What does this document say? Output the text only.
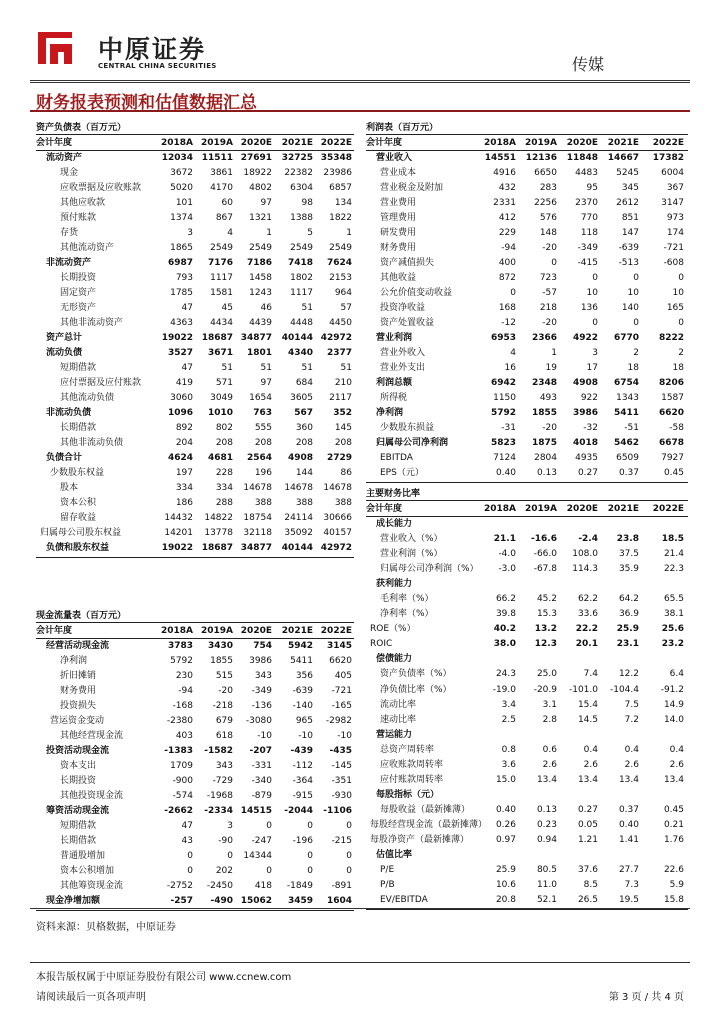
中原证券
CENTRAL CHINA SECURITIES	传媒
财务报表预测和估值数据汇总
资产负债表（百万元）
会计年度	2018A 2019A 2020E	2021E 2022E
流动资产	12034 11511 27691	32725 35348
现金	3672	3861	18922	22382	23986
应收票据及应收账款	5020	4170	4802	6304	6857
其他应收款	101	60	97	98	134
预付账款	1374	867	1321	1388	1822
存货	3	4	1	5	1
其他流动资产	1865	2549	2549	2549	2549
非流动资产	6987	7176	7186	7418	7624
长期投资	793	1117	1458	1802	2153
固定资产	1785	1581	1243	1117	964
无形资产	47	45	46	51	57
其他非流动资产	4363	4434	4439	4448	4450
资产总计	19022 18687 34877	40144 42972
流动负债	3527	3671	1801	4340	2377
短期借款	47	51	51	51	51
应付票据及应付账款	419	571	97	684	210
其他流动负债	3060	3049	1654	3605	2117
非流动负债	1096	1010	763	567	352
长期借款	892	802	555	360	145
其他非流动负债	204	208	208	208	208
负债合计	4624	4681	2564	4908	2729
少数股东权益	197	228	196	144	86
股本	334	334	14678	14678	14678
资本公积	186	288	388	388	388
留存收益	14432	14822	18754	24114	30666
归属母公司股东权益	14201	13778	32118	35092	40157
负债和股东权益	19022 18687 34877	40144 42972
现金流量表（百万元）
会计年度	2018A 2019A 2020E	2021E 2022E
经营活动现金流	3783	3430	754	5942	3145
净利润	5792	1855	3986	5411	6620
折旧摊销	230	515	343	356	405
财务费用	-94	-20	-349	-639	-721
投资损失	-168	-218	-136	-140	-165
营运资金变动	-2380	679	-3080	965	-2982
其他经营现金流	403	618	-10	-10	-10
投资活动现金流	-1383	-1582	-207	-439	-435
资本支出	1709	343	-331	-112	-145
长期投资	-900	-729	-340	-364	-351
其他投资现金流	-574	-1968	-879	-915	-930
筹资活动现金流	-2662	-2334 14515	-2044	-1106
短期借款	47	3	0	0	0
长期借款	43	-90	-247	-196	-215
普通股增加	0	0	14344	0	0
资本公积增加	0	202	0	0	0
其他筹资现金流	-2752	-2450	418	-1849	-891
现金净增加额	-257	-490 15062	3459	1604
利润表（百万元）
会计年度	2018A 2019A	2020E	2021E	2022E
营业收入	14551	12136	11848	14667	17382
营业成本	4916	6650	4483	5245	6004
营业税金及附加	432	283	95	345	367
营业费用	2331	2256	2370	2612	3147
管理费用	412	576	770	851	973
研发费用	229	148	118	147	174
财务费用	-94	-20	-349	-639	-721
资产减值损失	400	0	-415	-513	-608
其他收益	872	723	0	0	0
公允价值变动收益	0	-57	10	10	10
投资净收益	168	218	136	140	165
资产处置收益	-12	-20	0	0	0
营业利润	6953	2366	4922	6770	8222
营业外收入	4	1	3	2	2
营业外支出	16	19	17	18	18
利润总额	6942	2348	4908	6754	8206
所得税	1150	493	922	1343	1587
净利润	5792	1855	3986	5411	6620
少数股东损益	-31	-20	-32	-51	-58
归属母公司净利润	5823	1875	4018	5462	6678
EBITDA	7124	2804	4935	6509	7927
EPS（元）	0.40	0.13	0.27	0.37	0.45
主要财务比率
会计年度	2018A 2019A	2020E	2021E	2022E
成长能力
营业收入（%）	21.1	-16.6	-2.4	23.8	18.5
营业利润（%）	-4.0	-66.0	108.0	37.5	21.4
归属母公司净利润（%）	-3.0	-67.8	114.3	35.9	22.3
获利能力
毛利率（%）	66.2	45.2	62.2	64.2	65.5
净利率（%）	39.8	15.3	33.6	36.9	38.1
ROE（%）	40.2	13.2	22.2	25.9	25.6
ROIC	38.0	12.3	20.1	23.1	23.2
偿债能力
资产负债率（%）	24.3	25.0	7.4	12.2	6.4
净负债比率（%）	-19.0	-20.9	-101.0	-104.4	-91.2
流动比率	3.4	3.1	15.4	7.5	14.9
速动比率	2.5	2.8	14.5	7.2	14.0
营运能力
总资产周转率	0.8	0.6	0.4	0.4	0.4
应收账款周转率	3.6	2.6	2.6	2.6	2.6
应付账款周转率	15.0	13.4	13.4	13.4	13.4
每股指标（元）
每股收益（最新摊薄）	0.40	0.13	0.27	0.37	0.45
每股经营现金流（最新摊薄） 0.26	0.23	0.05	0.40	0.21
每股净资产（最新摊薄）	0.97	0.94	1.21	1.41	1.76
估值比率
P/E	25.9	80.5	37.6	27.7	22.6
P/B	10.6	11.0	8.5	7.3	5.9
EV/EBITDA	20.8	52.1	26.5	19.5	15.8
资料来源：贝格数据，中原证券
本报告版权属于中原证券股份有限公司 www.ccnew.com
请阅读最后一页各项声明	第 3 页 / 共 4 页
